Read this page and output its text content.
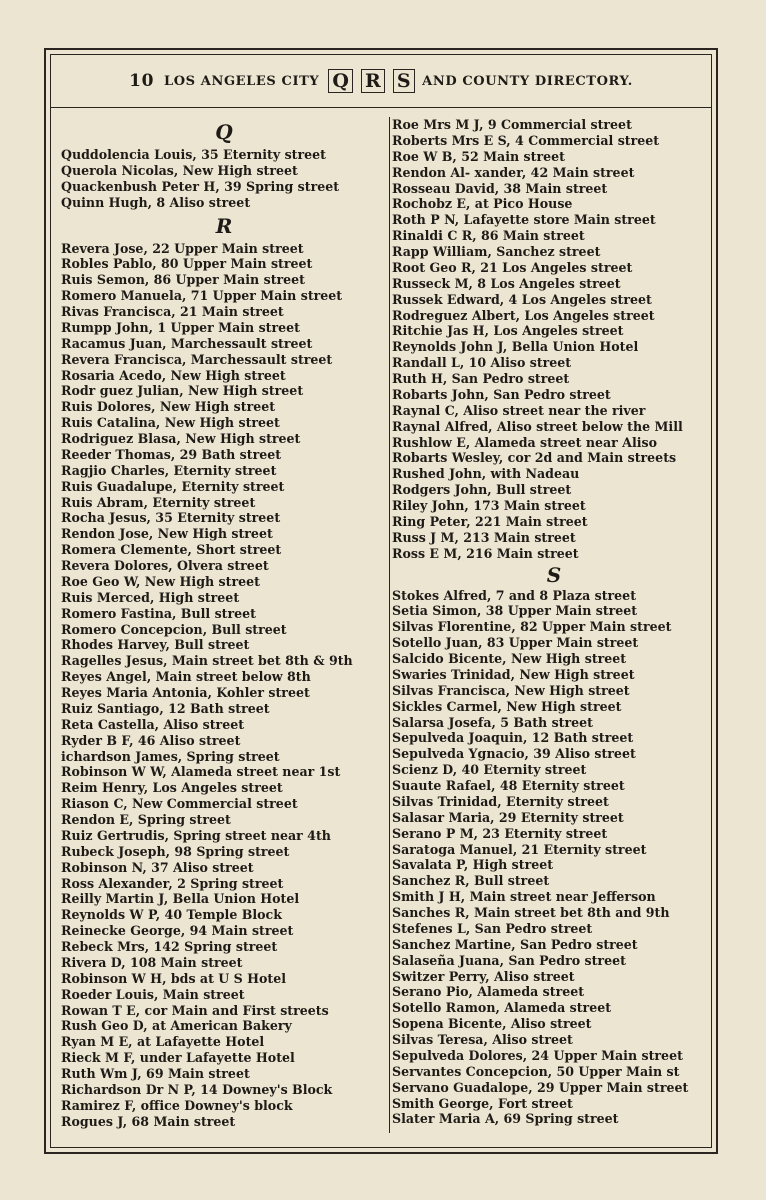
10 LOS ANGELES CITY Q R S AND COUNTY DIRECTORY.
Q
Quddolencia Louis, 35 Eternity street
Querola Nicolas, New High street
Quackenbush Peter H, 39 Spring street
Quinn Hugh, 8 Aliso street
R
Revera Jose, 22 Upper Main street
Robles Pablo, 80 Upper Main street
Ruis Semon, 86 Upper Main street
Romero Manuela, 71 Upper Main street
Rivas Francisca, 21 Main street
Rumpp John, 1 Upper Main street
Racamus Juan, Marchessault street
Revera Francisca, Marchessault street
Rosaria Acedo, New High street
Rodr guez Julian, New High street
Ruis Dolores, New High street
Ruis Catalina, New High street
Rodriguez Blasa, New High street
Reeder Thomas, 29 Bath street
Ragjio Charles, Eternity street
Ruis Guadalupe, Eternity street
Ruis Abram, Eternity street
Rocha Jesus, 35 Eternity street
Rendon Jose, New High street
Romera Clemente, Short street
Revera Dolores, Olvera street
Roe Geo W, New High street
Ruis Merced, High street
Romero Fastina, Bull street
Romero Concepcion, Bull street
Rhodes Harvey, Bull street
Ragelles Jesus, Main street bet 8th & 9th
Reyes Angel, Main street below 8th
Reyes Maria Antonia, Kohler street
Ruiz Santiago, 12 Bath street
Reta Castella, Aliso street
Ryder B F, 46 Aliso street
ichardson James, Spring street
Robinson W W, Alameda street near 1st
Reim Henry, Los Angeles street
Riason C, New Commercial street
Rendon E, Spring street
Ruiz Gertrudis, Spring street near 4th
Rubeck Joseph, 98 Spring street
Robinson N, 37 Aliso street
Ross Alexander, 2 Spring street
Reilly Martin J, Bella Union Hotel
Reynolds W P, 40 Temple Block
Reinecke George, 94 Main street
Rebeck Mrs, 142 Spring street
Rivera D, 108 Main street
Robinson W H, bds at U S Hotel
Roeder Louis, Main street
Rowan T E, cor Main and First streets
Rush Geo D, at American Bakery
Ryan M E, at Lafayette Hotel
Rieck M F, under Lafayette Hotel
Ruth Wm J, 69 Main street
Richardson Dr N P, 14 Downey's Block
Ramirez F, office Downey's block
Rogues J, 68 Main street
Roe Mrs M J, 9 Commercial street
Roberts Mrs E S, 4 Commercial street
Roe W B, 52 Main street
Rendon Al- xander, 42 Main street
Rosseau David, 38 Main street
Rochobz E, at Pico House
Roth P N, Lafayette store Main street
Rinaldi C R, 86 Main street
Rapp William, Sanchez street
Root Geo R, 21 Los Angeles street
Russeck M, 8 Los Angeles street
Russek Edward, 4 Los Angeles street
Rodreguez Albert, Los Angeles street
Ritchie Jas H, Los Angeles street
Reynolds John J, Bella Union Hotel
Randall L, 10 Aliso street
Ruth H, San Pedro street
Robarts John, San Pedro street
Raynal C, Aliso street near the river
Raynal Alfred, Aliso street below the Mill
Rushlow E, Alameda street near Aliso
Robarts Wesley, cor 2d and Main streets
Rushed John, with Nadeau
Rodgers John, Bull street
Riley John, 173 Main street
Ring Peter, 221 Main street
Russ J M, 213 Main street
Ross E M, 216 Main street
S
Stokes Alfred, 7 and 8 Plaza street
Setia Simon, 38 Upper Main street
Silvas Florentine, 82 Upper Main street
Sotello Juan, 83 Upper Main street
Salcido Bicente, New High street
Swaries Trinidad, New High street
Silvas Francisca, New High street
Sickles Carmel, New High street
Salarsa Josefa, 5 Bath street
Sepulveda Joaquin, 12 Bath street
Sepulveda Ygnacio, 39 Aliso street
Scienz D, 40 Eternity street
Suaute Rafael, 48 Eternity street
Silvas Trinidad, Eternity street
Salasar Maria, 29 Eternity street
Serano P M, 23 Eternity street
Saratoga Manuel, 21 Eternity street
Savalata P, High street
Sanchez R, Bull street
Smith J H, Main street near Jefferson
Sanches R, Main street bet 8th and 9th
Stefenes L, San Pedro street
Sanchez Martine, San Pedro street
Salaseña Juana, San Pedro street
Switzer Perry, Aliso street
Serano Pio, Alameda street
Sotello Ramon, Alameda street
Sopena Bicente, Aliso street
Silvas Teresa, Aliso street
Sepulveda Dolores, 24 Upper Main street
Servantes Concepcion, 50 Upper Main st
Servano Guadalope, 29 Upper Main street
Smith George, Fort street
Slater Maria A, 69 Spring street
